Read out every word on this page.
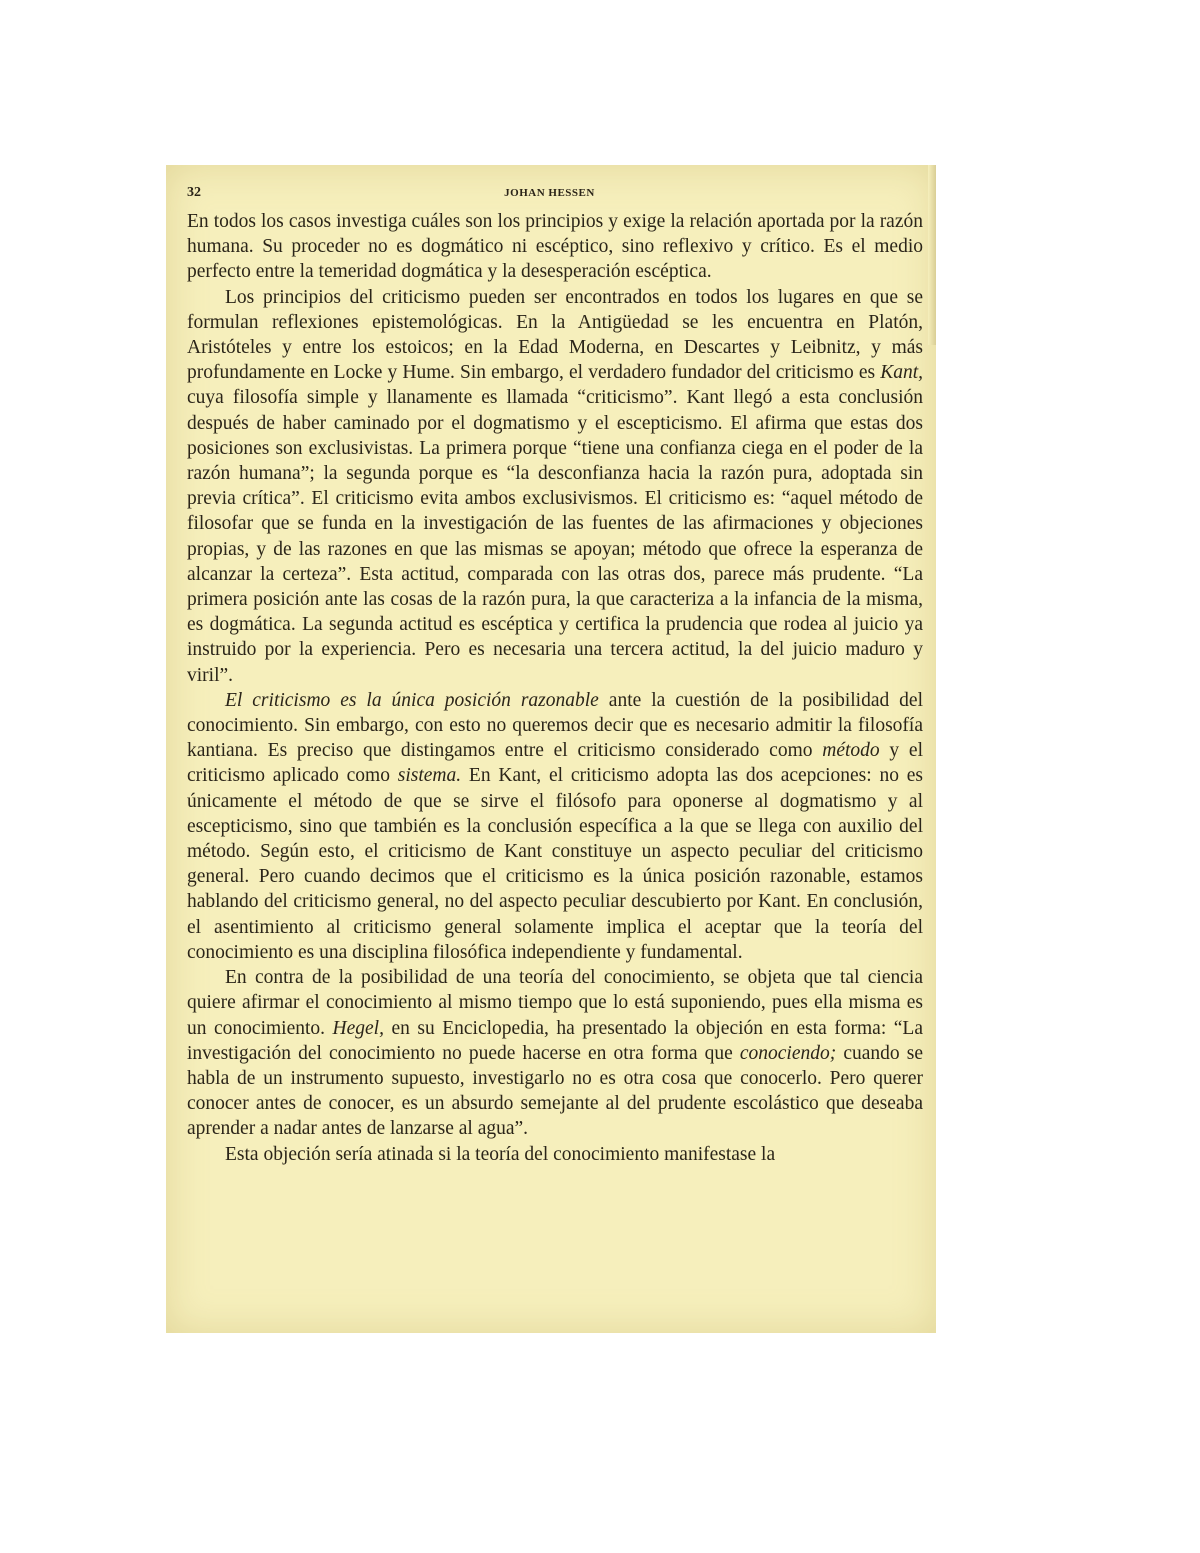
32	JOHAN HESSEN

En todos los casos investiga cuáles son los principios y exige la relación aportada por la razón humana. Su proceder no es dogmático ni escéptico, sino reflexivo y crítico. Es el medio perfecto entre la temeridad dogmática y la desesperación escéptica.

Los principios del criticismo pueden ser encontrados en todos los lugares en que se formulan reflexiones epistemológicas. En la Antigüedad se les encuentra en Platón, Aristóteles y entre los estoicos; en la Edad Moderna, en Descartes y Leibnitz, y más profundamente en Locke y Hume. Sin embargo, el verdadero fundador del criticismo es Kant, cuya filosofía simple y llanamente es llamada “criticismo”. Kant llegó a esta conclusión después de haber caminado por el dogmatismo y el escepticismo. El afirma que estas dos posiciones son exclusivistas. La primera porque “tiene una confianza ciega en el poder de la razón humana”; la segunda porque es “la desconfianza hacia la razón pura, adoptada sin previa crítica”. El criticismo evita ambos exclusivismos. El criticismo es: “aquel método de filosofar que se funda en la investigación de las fuentes de las afirmaciones y objeciones propias, y de las razones en que las mismas se apoyan; método que ofrece la esperanza de alcanzar la certeza”. Esta actitud, comparada con las otras dos, parece más prudente. “La primera posición ante las cosas de la razón pura, la que caracteriza a la infancia de la misma, es dogmática. La segunda actitud es escéptica y certifica la prudencia que rodea al juicio ya instruido por la experiencia. Pero es necesaria una tercera actitud, la del juicio maduro y viril”.

El criticismo es la única posición razonable ante la cuestión de la posibilidad del conocimiento. Sin embargo, con esto no queremos decir que es necesario admitir la filosofía kantiana. Es preciso que distingamos entre el criticismo considerado como método y el criticismo aplicado como sistema. En Kant, el criticismo adopta las dos acepciones: no es únicamente el método de que se sirve el filósofo para oponerse al dogmatismo y al escepticismo, sino que también es la conclusión específica a la que se llega con auxilio del método. Según esto, el criticismo de Kant constituye un aspecto peculiar del criticismo general. Pero cuando decimos que el criticismo es la única posición razonable, estamos hablando del criticismo general, no del aspecto peculiar descubierto por Kant. En conclusión, el asentimiento al criticismo general solamente implica el aceptar que la teoría del conocimiento es una disciplina filosófica independiente y fundamental.

En contra de la posibilidad de una teoría del conocimiento, se objeta que tal ciencia quiere afirmar el conocimiento al mismo tiempo que lo está suponiendo, pues ella misma es un conocimiento. Hegel, en su Enciclopedia, ha presentado la objeción en esta forma: “La investigación del conocimiento no puede hacerse en otra forma que conociendo; cuando se habla de un instrumento supuesto, investigarlo no es otra cosa que conocerlo. Pero querer conocer antes de conocer, es un absurdo semejante al del prudente escolástico que deseaba aprender a nadar antes de lanzarse al agua”.

Esta objeción sería atinada si la teoría del conocimiento manifestase la
